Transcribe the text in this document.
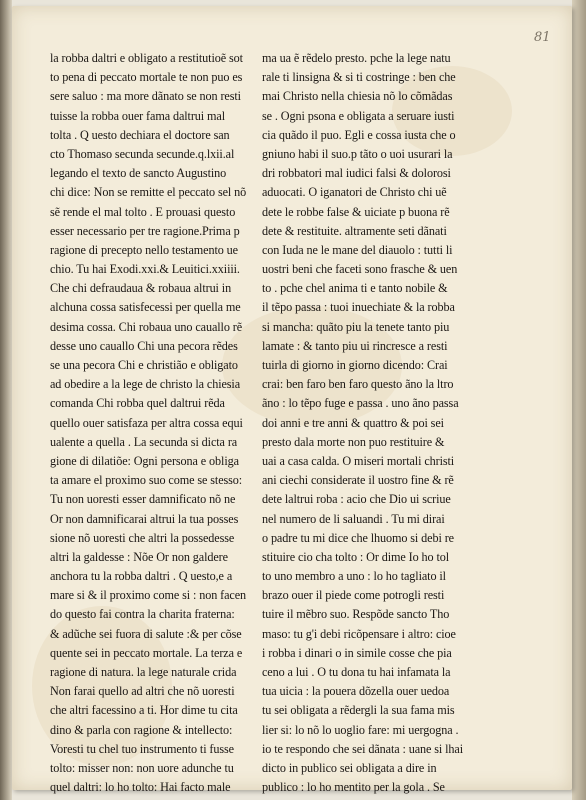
81
la robba daltri e obligato a restitutioẽ sot
to pena di peccato mortale te non puo es
sere saluo : ma more dãnato se non resti
tuisse la robba ouer fama daltrui mal
tolta . Q uesto dechiara el doctore san
cto Thomaso secunda secunde.q.lxii.al
legando el texto de sancto Augustino
chi dice: Non se remitte el peccato sel nõ
sẽ rende el mal tolto . E prouasi questo
esser necessario per tre ragione.Prima p
ragione di precepto nello testamento ue
chio. Tu hai Exodi.xxi.& Leuitici.xxiiii.
Che chi defraudaua & robaua altrui in
alchuna cossa satisfecessi per quella me
desima cossa. Chi robaua uno cauallo rẽ
desse uno cauallo Chi una pecora rẽdes
se una pecora Chi e christião e obligato
ad obedire a la lege de christo la chiesia
comanda Chi robba quel daltrui rẽda
quello ouer satisfaza per altra cossa equi
ualente a quella . La secunda si dicta ra
gione di dilatiõe: Ogni persona e obliga
ta amare el proximo suo come se stesso:
Tu non uoresti esser damnificato nõ ne
Or non damnificarai altrui la tua posses
sione nõ uoresti che altri la possedesse
altri la galdesse : Nõe Or non galdere
anchora tu la robba daltri . Q uesto,e a
mare si & il proximo come si : non facen
do questo fai contra la charita fraterna:
& adũche sei fuora di salute :& per cõse
quente sei in peccato mortale. La terza e
ragione di natura. la lege naturale crida
Non farai quello ad altri che nõ uoresti
che altri facessino a ti. Hor dime tu cita
dino & parla con ragione & intellecto:
Voresti tu chel tuo instrumento ti fusse
tolto: misser non: non uore adunche tu
quel daltri: lo ho tolto: Hai facto male
ma ua ẽ rẽdelo presto. pche la lege natu
rale ti linsigna & si ti costringe : ben che
mai Christo nella chiesia nõ lo cõmãdas
se . Ogni psona e obligata a seruare iusti
cia quãdo il puo. Egli e cossa iusta che o
gniuno habi il suo.p tãto o uoi usurari la
dri robbatori mal iudici falsi & dolorosi
aduocati. O iganatori de Christo chi uẽ
dete le robbe false & uiciate p buona rẽ
dete & restituite. altramente seti dãnati
con Iuda ne le mane del diauolo : tutti li
uostri beni che faceti sono frasche & uen
to . pche chel anima ti e tanto nobile &
il tẽpo passa : tuoi inuechiate & la robba
si mancha: quãto piu la tenete tanto piu
lamate : & tanto piu ui rincresce a resti
tuirla di giorno in giorno dicendo: Crai
crai: ben faro ben faro questo ãno la ltro
ãno : lo tẽpo fuge e passa . uno ãno passa
doi anni e tre anni & quattro & poi sei
presto dala morte non puo restituire &
uai a casa calda. O miseri mortali christi
ani ciechi considerate il uostro fine & rẽ
dete laltrui roba : acio che Dio ui scriue
nel numero de li saluandi . Tu mi dirai
o padre tu mi dice che lhuomo si debi re
stituire cio cha tolto : Or dime Io ho tol
to uno membro a uno : lo ho tagliato il
brazo ouer il piede come potrogli resti
tuire il mẽbro suo. Respõde sancto Tho
maso: tu g'i debi ricõpensare i altro: cioe
i robba i dinari o in simile cosse che pia
ceno a lui . O tu dona tu hai infamata la
tua uicia : la pouera dõzella ouer uedoa
tu sei obligata a rẽdergli la sua fama mis
lier si: lo nõ lo uoglio fare: mi uergogna .
io te respondo che sei dãnata : uane si lhai
dicto in publico sei obligata a dire in
publico : lo ho mentito per la gola . Se
